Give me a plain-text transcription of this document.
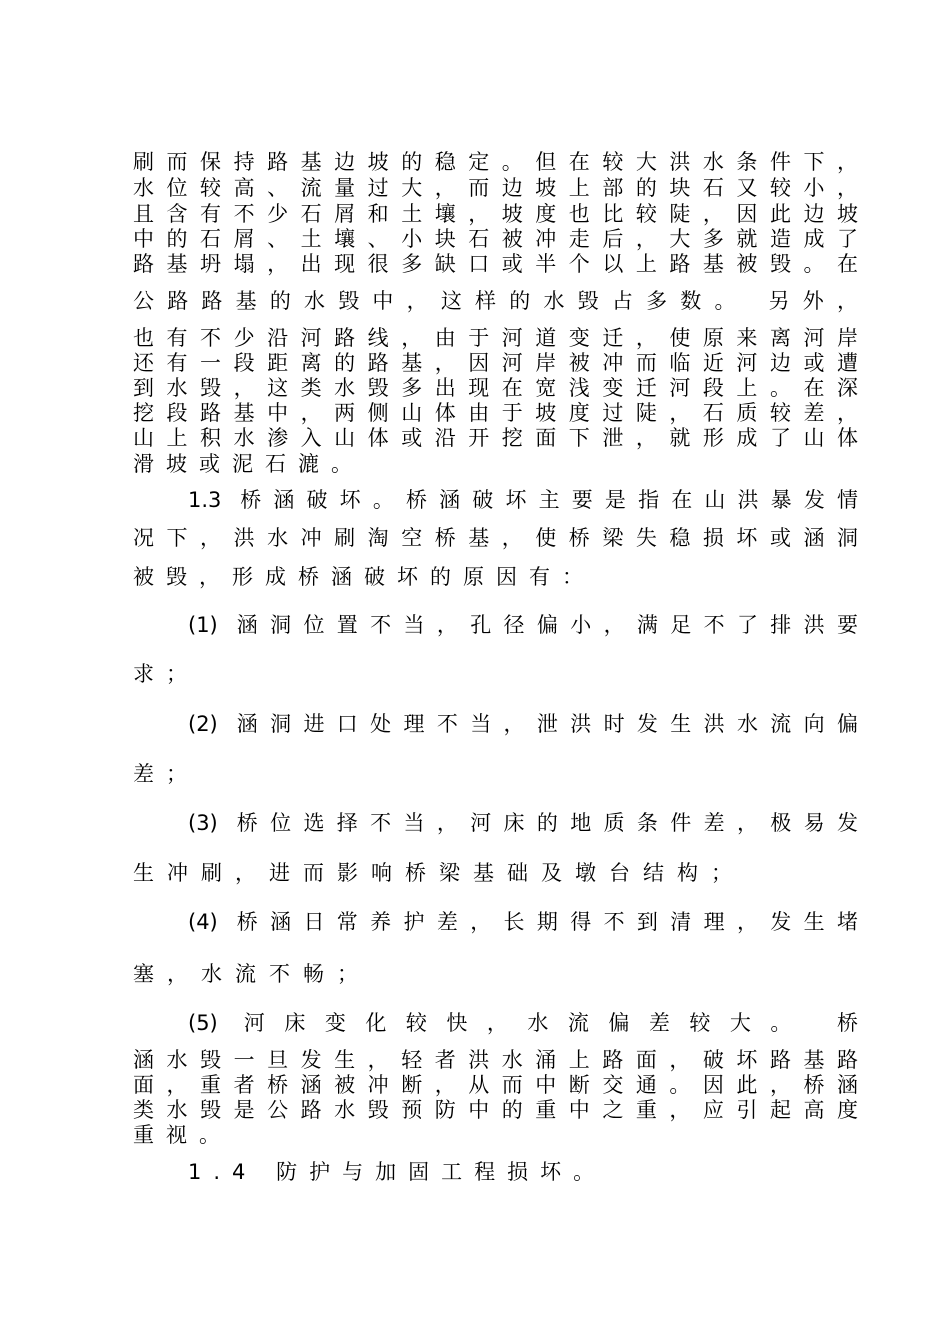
刷而保持路基边坡的稳定。但在较大洪水条件下，
水位较高、流量过大，而边坡上部的块石又较小，
且含有不少石屑和土壤，坡度也比较陡，因此边坡
中的石屑、土壤、小块石被冲走后，大多就造成了
路基坍塌，出现很多缺口或半个以上路基被毁。在
公路路基的水毁中，这样的水毁占多数。 另外，
也有不少沿河路线，由于河道变迁，使原来离河岸
还有一段距离的路基，因河岸被冲而临近河边或遭
到水毁，这类水毁多出现在宽浅变迁河段上。在深
挖段路基中，两侧山体由于坡度过陡，石质较差，
山上积水渗入山体或沿开挖面下泄，就形成了山体
滑坡或泥石漉。
1.3 桥涵破坏。桥涵破坏主要是指在山洪暴发情
况下，洪水冲刷淘空桥基，使桥梁失稳损坏或涵洞
被毁，形成桥涵破坏的原因有：
(1) 涵洞位置不当，孔径偏小，满足不了排洪要
求；
(2) 涵洞进口处理不当，泄洪时发生洪水流向偏
差；
(3) 桥位选择不当，河床的地质条件差，极易发
生冲刷，进而影响桥梁基础及墩台结构；
(4) 桥涵日常养护差，长期得不到清理，发生堵
塞，水流不畅；
(5) 河床变化较快，水流偏差较大。 桥
涵水毁一旦发生，轻者洪水涌上路面，破坏路基路
面，重者桥涵被冲断，从而中断交通。因此，桥涵
类水毁是公路水毁预防中的重中之重，应引起高度
重视。
1.4 防护与加固工程损坏。
